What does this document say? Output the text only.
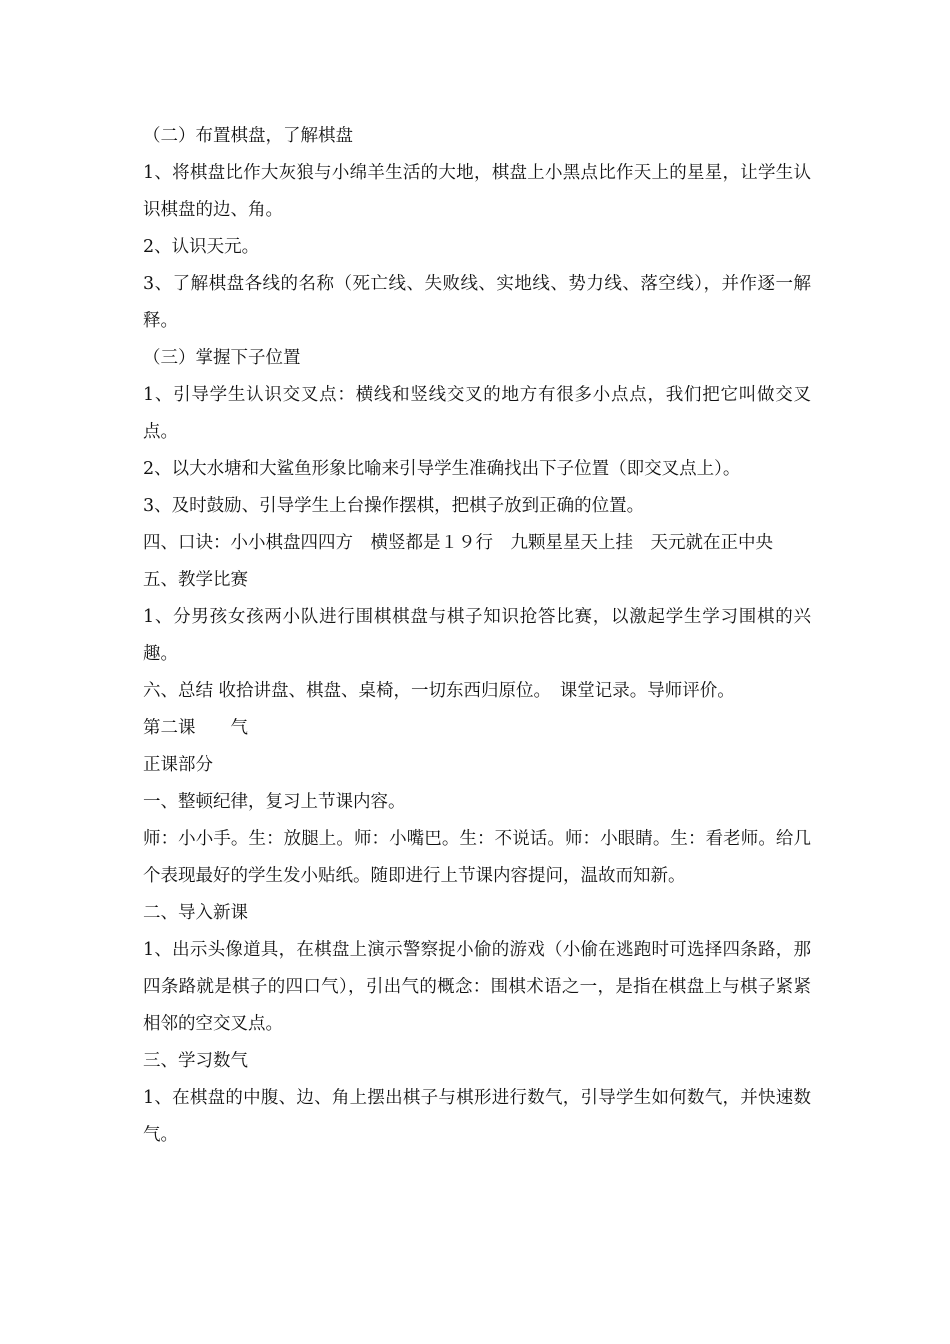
（二）布置棋盘，了解棋盘

1、将棋盘比作大灰狼与小绵羊生活的大地，棋盘上小黑点比作天上的星星，让学生认识棋盘的边、角。

2、认识天元。

3、了解棋盘各线的名称（死亡线、失败线、实地线、势力线、落空线），并作逐一解释。

（三）掌握下子位置

1、引导学生认识交叉点：横线和竖线交叉的地方有很多小点点，我们把它叫做交叉点。

2、以大水塘和大鲨鱼形象比喻来引导学生准确找出下子位置（即交叉点上）。

3、及时鼓励、引导学生上台操作摆棋，把棋子放到正确的位置。

四、口诀：小小棋盘四四方　横竖都是１９行　九颗星星天上挂　天元就在正中央

五、教学比赛

1、分男孩女孩两小队进行围棋棋盘与棋子知识抢答比赛，以激起学生学习围棋的兴趣。

六、总结 收拾讲盘、棋盘、桌椅，一切东西归原位。　课堂记录。导师评价。

第二课　　气

正课部分

一、整顿纪律，复习上节课内容。

师：小小手。生：放腿上。师：小嘴巴。生：不说话。师：小眼睛。生：看老师。给几个表现最好的学生发小贴纸。随即进行上节课内容提问，温故而知新。

二、导入新课

1、出示头像道具，在棋盘上演示警察捉小偷的游戏（小偷在逃跑时可选择四条路，那四条路就是棋子的四口气），引出气的概念：围棋术语之一，是指在棋盘上与棋子紧紧相邻的空交叉点。

三、学习数气

1、在棋盘的中腹、边、角上摆出棋子与棋形进行数气，引导学生如何数气，并快速数气。
